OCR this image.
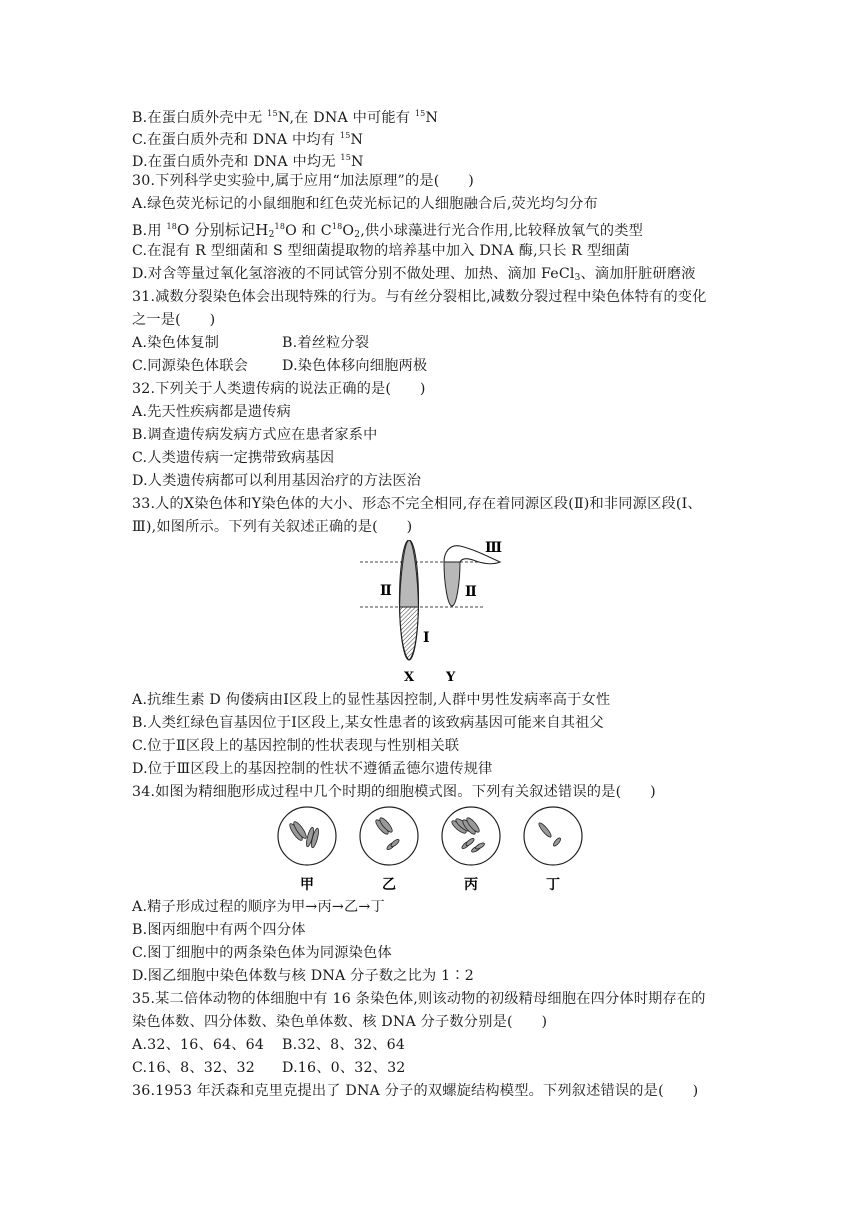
B.在蛋白质外壳中无 $^{15}$N,在 DNA 中可能有 $^{15}$N
C.在蛋白质外壳和 DNA 中均有 $^{15}$N
D.在蛋白质外壳和 DNA 中均无 $^{15}$N
30.下列科学史实验中,属于应用“加法原理”的是(　　)
A.绿色荧光标记的小鼠细胞和红色荧光标记的人细胞融合后,荧光均匀分布
B.用 $^{18}$O 分别标记$H_2^{18}O$ 和 $C^{18}O_2$,供小球藻进行光合作用,比较释放氧气的类型
C.在混有 R 型细菌和 S 型细菌提取物的培养基中加入 DNA 酶,只长 R 型细菌
D.对含等量过氧化氢溶液的不同试管分别不做处理、加热、滴加 FeCl$_3$、滴加肝脏研磨液
31.减数分裂染色体会出现特殊的行为。与有丝分裂相比,减数分裂过程中染色体特有的变化
之一是(　　)
A.染色体复制	B.着丝粒分裂
C.同源染色体联会 D.染色体移向细胞两极
32.下列关于人类遗传病的说法正确的是(　　)
A.先天性疾病都是遗传病
B.调查遗传病发病方式应在患者家系中
C.人类遗传病一定携带致病基因
D.人类遗传病都可以利用基因治疗的方法医治
33.人的X染色体和Y染色体的大小、形态不完全相同,存在着同源区段(Ⅱ)和非同源区段(Ⅰ、
Ⅲ),如图所示。下列有关叙述正确的是(　　)
Ⅱ
Ⅰ
Ⅱ
Ⅲ
X Y
A.抗维生素 D 佝偻病由Ⅰ区段上的显性基因控制,人群中男性发病率高于女性
B.人类红绿色盲基因位于Ⅰ区段上,某女性患者的该致病基因可能来自其祖父
C.位于Ⅱ区段上的基因控制的性状表现与性别相关联
D.位于Ⅲ区段上的基因控制的性状不遵循孟德尔遗传规律
34.如图为精细胞形成过程中几个时期的细胞模式图。下列有关叙述错误的是(　　)
甲	乙	丙	丁
A.精子形成过程的顺序为甲→丙→乙→丁
B.图丙细胞中有两个四分体
C.图丁细胞中的两条染色体为同源染色体
D.图乙细胞中染色体数与核 DNA 分子数之比为 1∶2
35.某二倍体动物的体细胞中有 16 条染色体,则该动物的初级精母细胞在四分体时期存在的
染色体数、四分体数、染色单体数、核 DNA 分子数分别是(　　)
A.32、16、64、64 B.32、8、32、64
C.16、8、32、32 D.16、0、32、32
36.1953 年沃森和克里克提出了 DNA 分子的双螺旋结构模型。下列叙述错误的是(　　)
